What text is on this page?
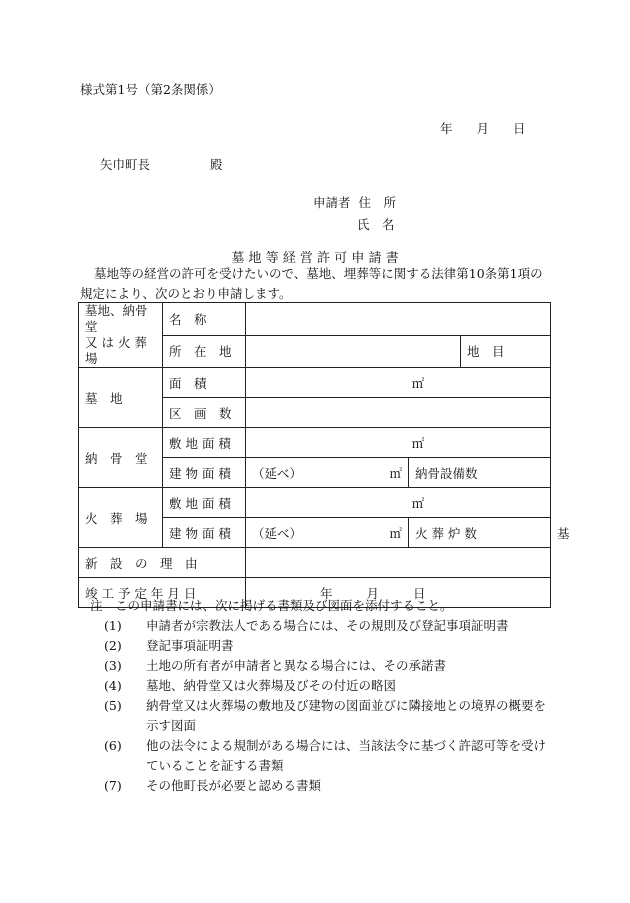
様式第1号（第2条関係）
年 月 日
矢巾町長	殿
申請者 住　所
氏　名
墓 地 等 経 営 許 可 申 請 書
墓地等の経営の許可を受けたいので、墓地、埋葬等に関する法律第10条第1項の規定により、次のとおり申請します。
墓地、納骨堂
又 は 火 葬 場	名　称				
	所　在　地			地　目	
墓　地	面　積	㎡			
	区　画　数				
納　骨　堂	敷 地 面 積	㎡			
	建 物 面 積	（延べ） ㎡	納骨設備数		
火　葬　場	敷 地 面 積	㎡			
	建 物 面 積	（延べ） ㎡	火 葬 炉 数		基
新　設　の　理　由					
竣 工 予 定 年 月 日		年 月 日			
注　この申請書には、次に掲げる書類及び図面を添付すること。
(1)	申請者が宗教法人である場合には、その規則及び登記事項証明書
(2)	登記事項証明書
(3)	土地の所有者が申請者と異なる場合には、その承諾書
(4)	墓地、納骨堂又は火葬場及びその付近の略図
(5)	納骨堂又は火葬場の敷地及び建物の図面並びに隣接地との境界の概要を示す図面
(6)	他の法令による規制がある場合には、当該法令に基づく許認可等を受けていることを証する書類
(7)	その他町長が必要と認める書類
